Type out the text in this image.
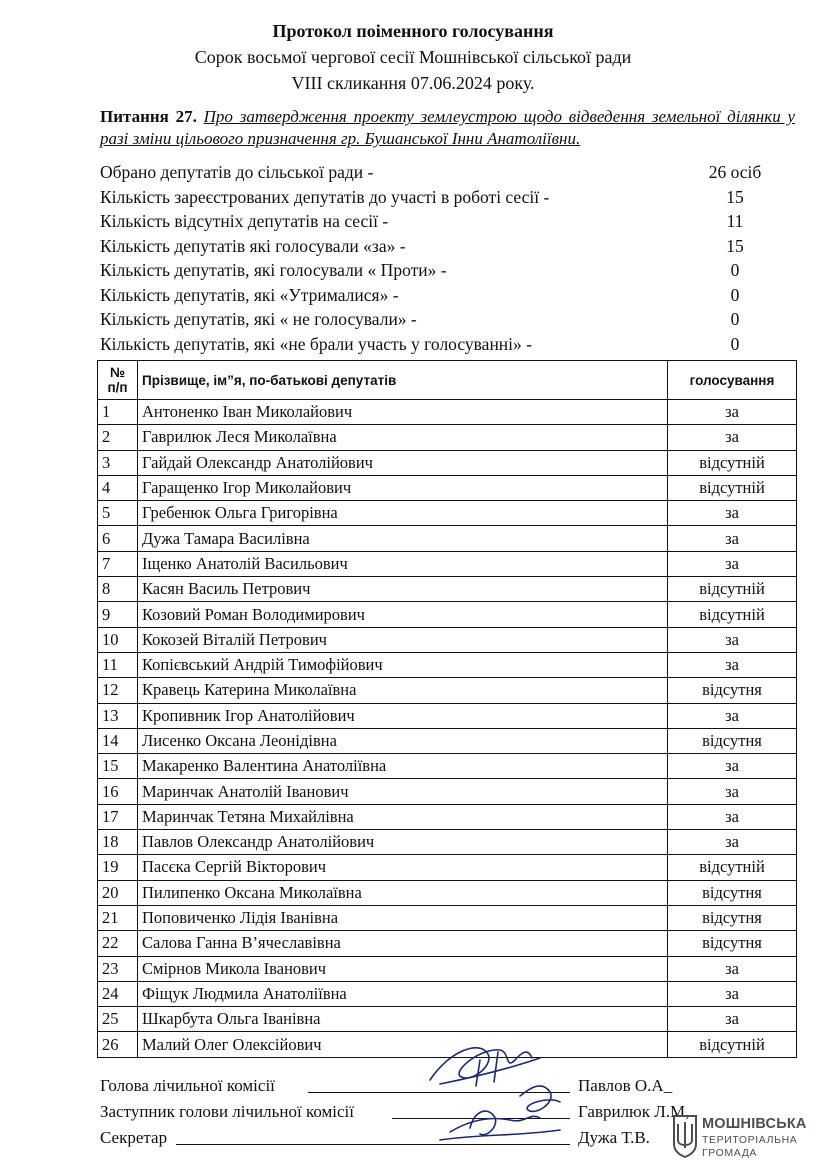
Протокол поіменного голосування
Сорок восьмої чергової сесії Мошнівської сільської ради
VIII скликання 07.06.2024 року.
Питання 27. Про затвердження проекту землеустрою щодо відведення земельної ділянки у разі зміни цільового призначення гр. Бушанської Інни Анатоліївни.
Обрано депутатів до сільської ради -	26 осіб
Кількість зареєстрованих депутатів до участі в роботі сесії -	15
Кількість відсутніх депутатів на сесії -	11
Кількість депутатів які голосували «за» -	15
Кількість депутатів, які голосували « Проти» -	0
Кількість депутатів, які «Утрималися» -	0
Кількість депутатів, які « не голосували» -	0
Кількість депутатів, які «не брали участь у голосуванні» -	0
№
п/п	Прізвище, ім”я, по-батькові депутатів	голосування
1	Антоненко Іван Миколайович	за
2	Гаврилюк Леся Миколаївна	за
3	Гайдай Олександр Анатолійович	відсутній
4	Гаращенко Ігор Миколайович	відсутній
5	Гребенюк Ольга Григорівна	за
6	Дужа Тамара Василівна	за
7	Іщенко Анатолій Васильович	за
8	Касян Василь Петрович	відсутній
9	Козовий Роман Володимирович	відсутній
10	Кокозей Віталій Петрович	за
11	Копієвський Андрій Тимофійович	за
12	Кравець Катерина Миколаївна	відсутня
13	Кропивник Ігор Анатолійович	за
14	Лисенко Оксана Леонідівна	відсутня
15	Макаренко Валентина Анатоліївна	за
16	Маринчак Анатолій Іванович	за
17	Маринчак Тетяна Михайлівна	за
18	Павлов Олександр Анатолійович	за
19	Пасєка Сергій Вікторович	відсутній
20	Пилипенко Оксана Миколаївна	відсутня
21	Поповиченко Лідія Іванівна	відсутня
22	Салова Ганна В’ячеславівна	відсутня
23	Смірнов Микола Іванович	за
24	Фіщук Людмила Анатоліївна	за
25	Шкарбута Ольга Іванівна	за
26	Малий Олег Олексійович	відсутній
Голова лічильної комісії	Павлов О.А_
Заступник голови лічильної комісії	Гаврилюк Л.М,
Секретар	Дужа Т.В.
МОШНІВСЬКА
ТЕРИТОРІАЛЬНА
ГРОМАДА
